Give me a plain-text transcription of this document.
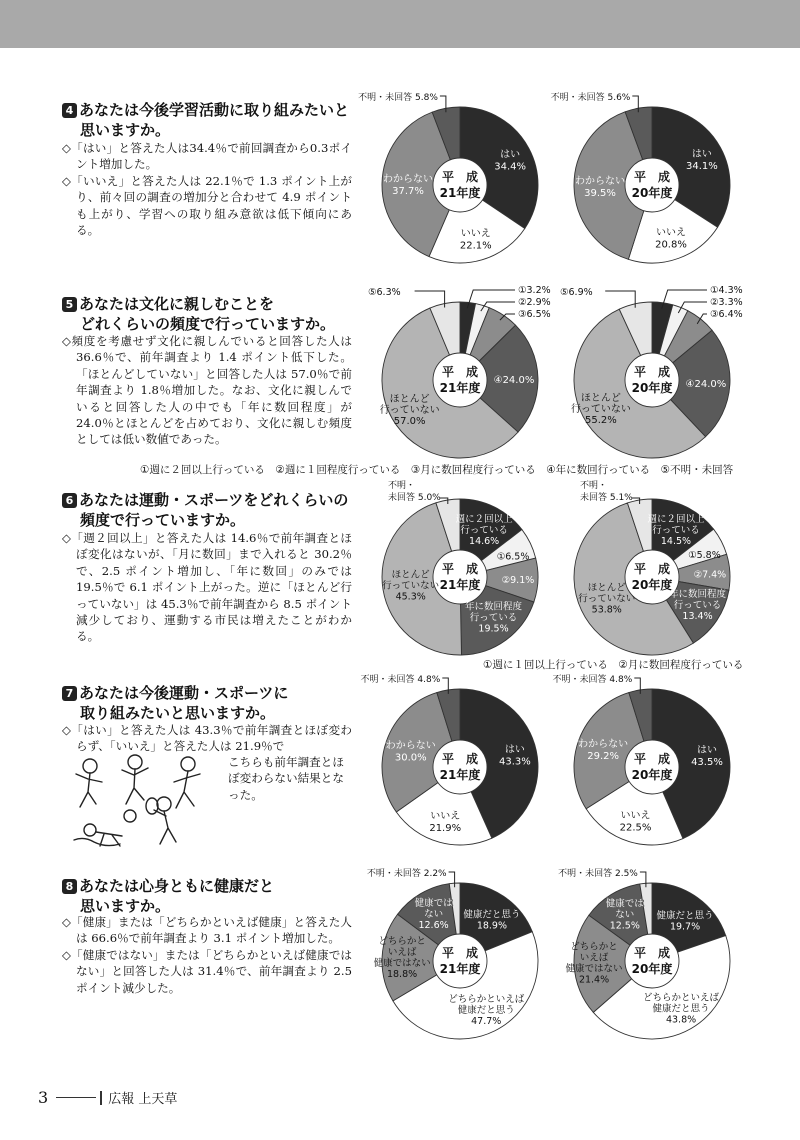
4 あなたは今後学習活動に取り組みたいと
思いますか。

◇「はい」と答えた人は34.4％で前回調査から0.3ポイント増加した。

◇「いいえ」と答えた人は 22.1％で 1.3 ポイント上がり、前々回の調査の増加分と合わせて 4.9 ポイントも上がり、学習への取り組み意欲は低下傾向にある。

5 あなたは文化に親しむことを
どれくらいの頻度で行っていますか。

◇頻度を考慮せず文化に親しんでいると回答した人は 36.6％で、前年調査より 1.4 ポイント低下した。「ほとんどしていない」と回答した人は 57.0％で前年調査より 1.8％増加した。なお、文化に親しんでいると回答した人の中でも「年に数回程度」が 24.0％とほとんどを占めており、文化に親しむ頻度としては低い数値であった。

①週に２回以上行っている　②週に１回程度行っている　③月に数回程度行っている　④年に数回行っている　⑤不明・未回答
6 あなたは運動・スポーツをどれくらいの
頻度で行っていますか。

◇「週２回以上」と答えた人は 14.6％で前年調査とほぼ変化はないが、「月に数回」まで入れると 30.2％で、2.5 ポイント増加し、「年に数回」のみでは 19.5％で 6.1 ポイント上がった。逆に「ほとんど行っていない」は 45.3％で前年調査から 8.5 ポイント減少しており、運動する市民は増えたことがわかる。

①週に１回以上行っている　②月に数回程度行っている
7 あなたは今後運動・スポーツに
取り組みたいと思いますか。

◇「はい」と答えた人は 43.3％で前年調査とほぼ変わらず、「いいえ」と答えた人は 21.9％で

こちらも前年調査とほぼ変わらない結果となった。
8 あなたは心身ともに健康だと
思いますか。

◇「健康」または「どちらかといえば健康」と答えた人は 66.6％で前年調査より 3.1 ポイント増加した。

◇「健康ではない」または「どちらかといえば健康ではない」と回答した人は 31.4％で、前年調査より 2.5 ポイント減少した。

平　成
21年度
はい
34.4%
いいえ
22.1%
わからない
37.7%
不明・未回答 5.8%
平　成
20年度
はい
34.1%
いいえ
20.8%
わからない
39.5%
不明・未回答 5.6%
平　成
21年度
①3.2%
②2.9%
③6.5%
④24.0%
ほとんど
行っていない
57.0%
⑤6.3%
平　成
20年度
①4.3%
②3.3%
③6.4%
④24.0%
ほとんど
行っていない
55.2%
⑤6.9%
平　成
21年度
週に２回以上
行っている
14.6%
①6.5%
②9.1%
年に数回程度
行っている
19.5%
ほとんど
行っていない
45.3%
不明・
未回答 5.0%
平　成
20年度
週に２回以上
行っている
14.5%
①5.8%
②7.4%
年に数回程度
行っている
13.4%
ほとんど
行っていない
53.8%
不明・
未回答 5.1%
平　成
21年度
はい
43.3%
いいえ
21.9%
わからない
30.0%
不明・未回答 4.8%
平　成
20年度
はい
43.5%
いいえ
22.5%
わからない
29.2%
不明・未回答 4.8%
平　成
21年度
健康だと思う
18.9%
どちらかといえば
健康だと思う
47.7%
どちらかと
いえば
健康ではない
18.8%
健康では
ない
12.6%
不明・未回答 2.2%
平　成
20年度
健康だと思う
19.7%
どちらかといえば
健康だと思う
43.8%
どちらかと
いえば
健康ではない
21.4%
健康では
ない
12.5%
不明・未回答 2.5%
3	広報 上天草
